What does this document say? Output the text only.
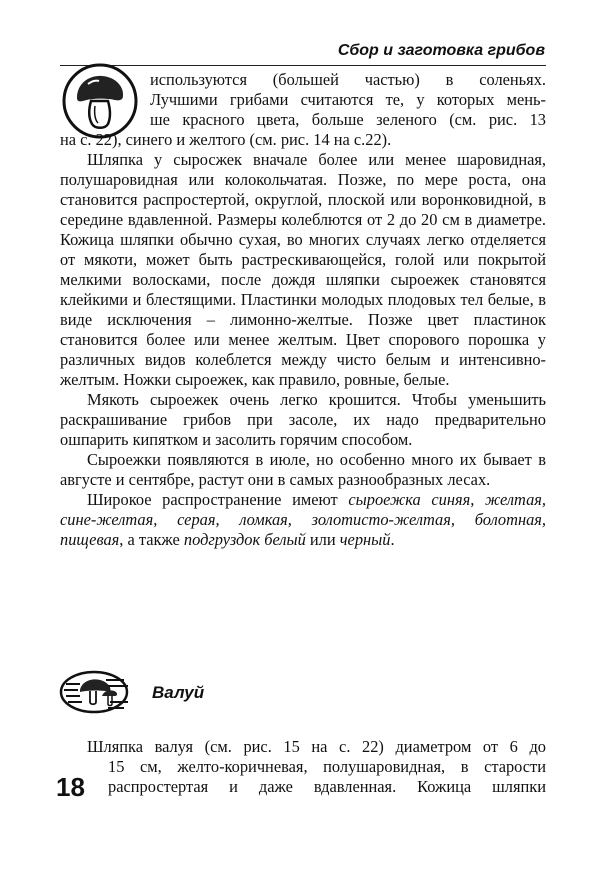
Сбор и заготовка грибов

используются (большей частью) в соленьях.

Лучшими грибами считаются те, у которых мень-

ше красного цвета, больше зеленого (см. рис. 13

на с. 22), синего и желтого (см. рис. 14 на с.22).

Шляпка у сыросжек вначале более или менее шаровидная, полушаровидная или колокольчатая. Позже, по мере роста, она становится распростертой, округлой, плоской или воронковидной, в середине вдавленной. Размеры колеблются от 2 до 20 см в диаметре. Кожица шляпки обычно сухая, во многих случаях легко отделяется от мякоти, может быть растрескивающейся, голой или покрытой мелкими волосками, после дождя шляпки сыроежек становятся клейкими и блестящими. Пластинки молодых плодовых тел белые, в виде исключения – лимонно-желтые. Позже цвет пластинок становится более или менее желтым. Цвет спорового порошка у различных видов колеблется между чисто белым и интенсивно-желтым. Ножки сыроежек, как правило, ровные, белые.

Мякоть сыроежек очень легко крошится. Чтобы уменьшить раскрашивание грибов при засоле, их надо предварительно ошпарить кипятком и засолить горячим способом.

Сыроежки появляются в июле, но особенно много их бывает в августе и сентябре, растут они в самых разнообразных лесах.

Широкое распространение имеют сыроежка синяя, желтая, сине-желтая, серая, ломкая, золотисто-желтая, болотная, пищевая, а также подгруздок белый или черный.

Валуй

Шляпка валуя (см. рис. 15 на с. 22) диаметром от 6 до

15 см, желто-коричневая, полушаровидная, в старости

распростертая и даже вдавленная. Кожица шляпки

18
